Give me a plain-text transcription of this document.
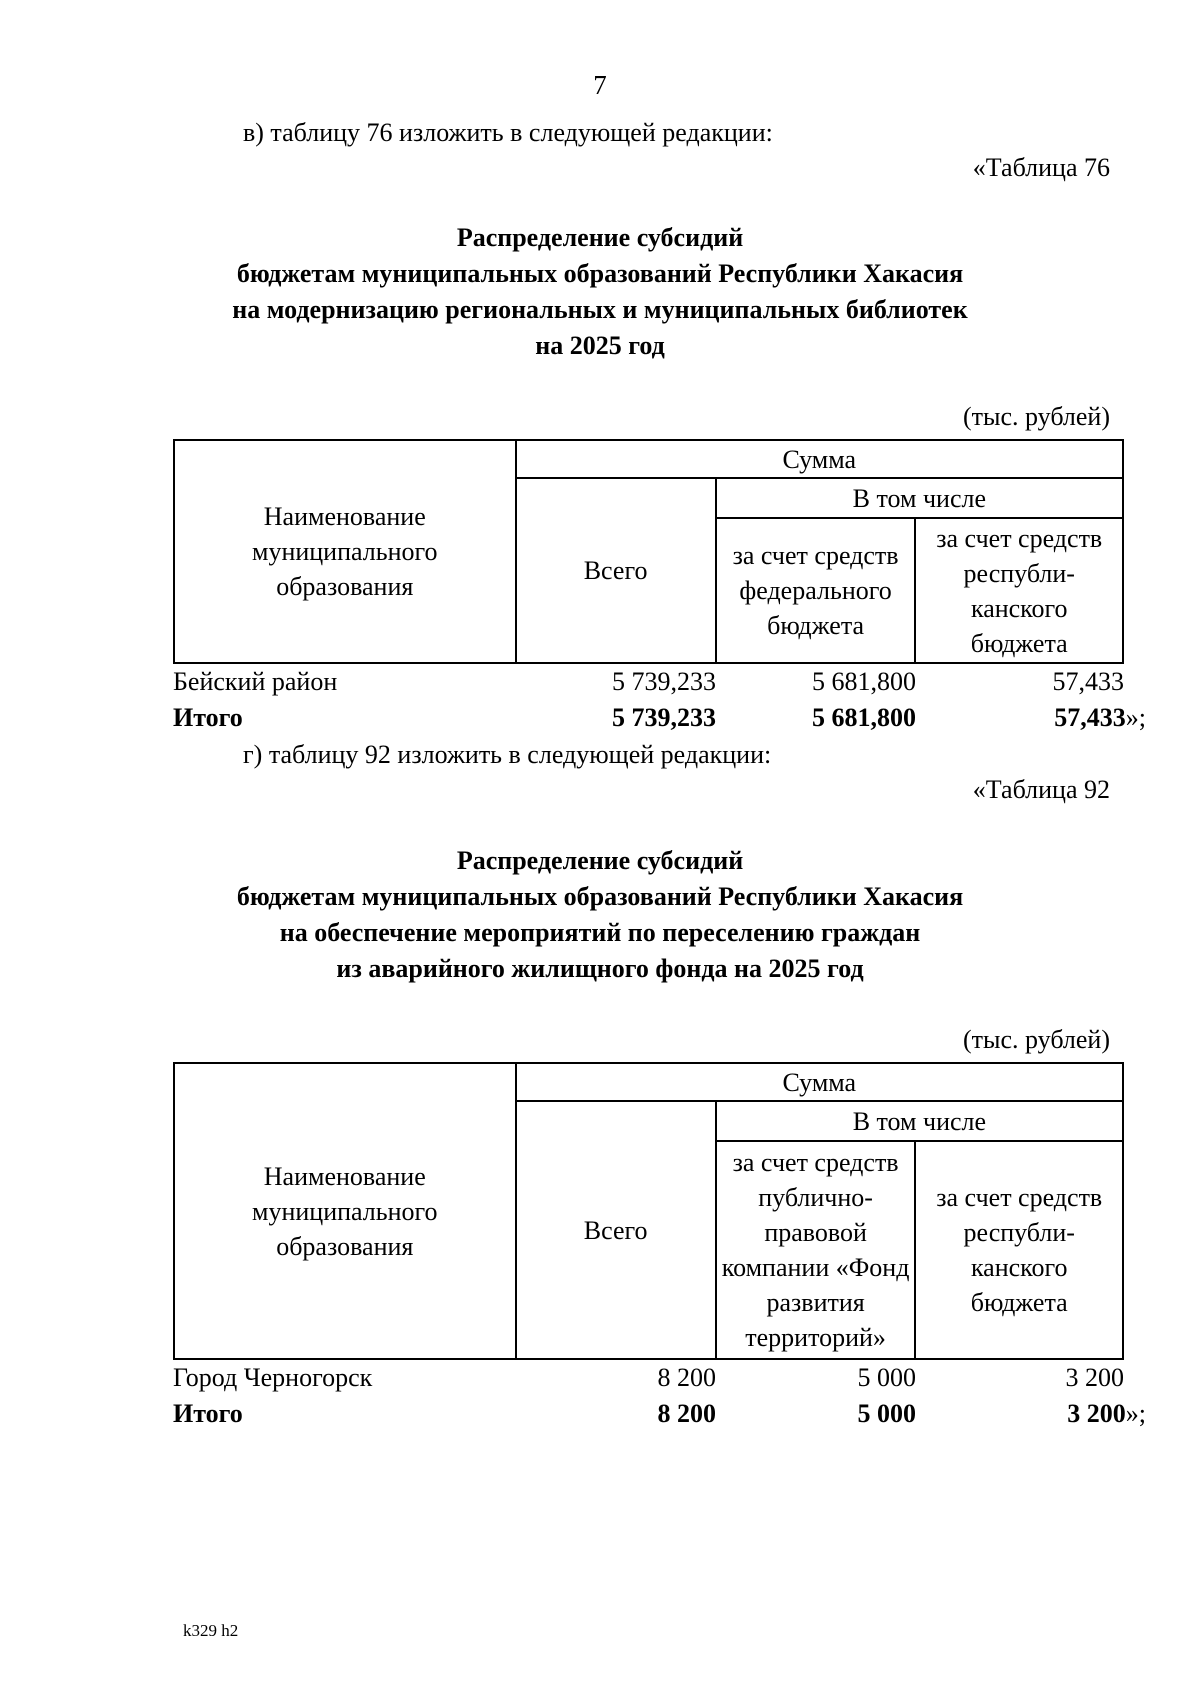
7
в) таблицу 76 изложить в следующей редакции:
«Таблица 76
Распределение субсидий
бюджетам муниципальных образований Республики Хакасия
на модернизацию региональных и муниципальных библиотек
на 2025 год
(тыс. рублей)
Наименование муниципального образования	Сумма		
	Всего	В том числе	
		за счет средств федерального бюджета	за счет средств республи-канского бюджета
Бейский район	5 739,233	5 681,800	57,433
Итого	5 739,233	5 681,800	57,433»;
г) таблицу 92 изложить в следующей редакции:
«Таблица 92
Распределение субсидий
бюджетам муниципальных образований Республики Хакасия
на обеспечение мероприятий по переселению граждан
из аварийного жилищного фонда на 2025 год
(тыс. рублей)
Наименование муниципального образования	Сумма		
	Всего	В том числе	
		за счет средств публично-правовой компании «Фонд развития территорий»	за счет средств республи-канского бюджета
Город Черногорск	8 200	5 000	3 200
Итого	8 200	5 000	3 200»;
k329 h2
